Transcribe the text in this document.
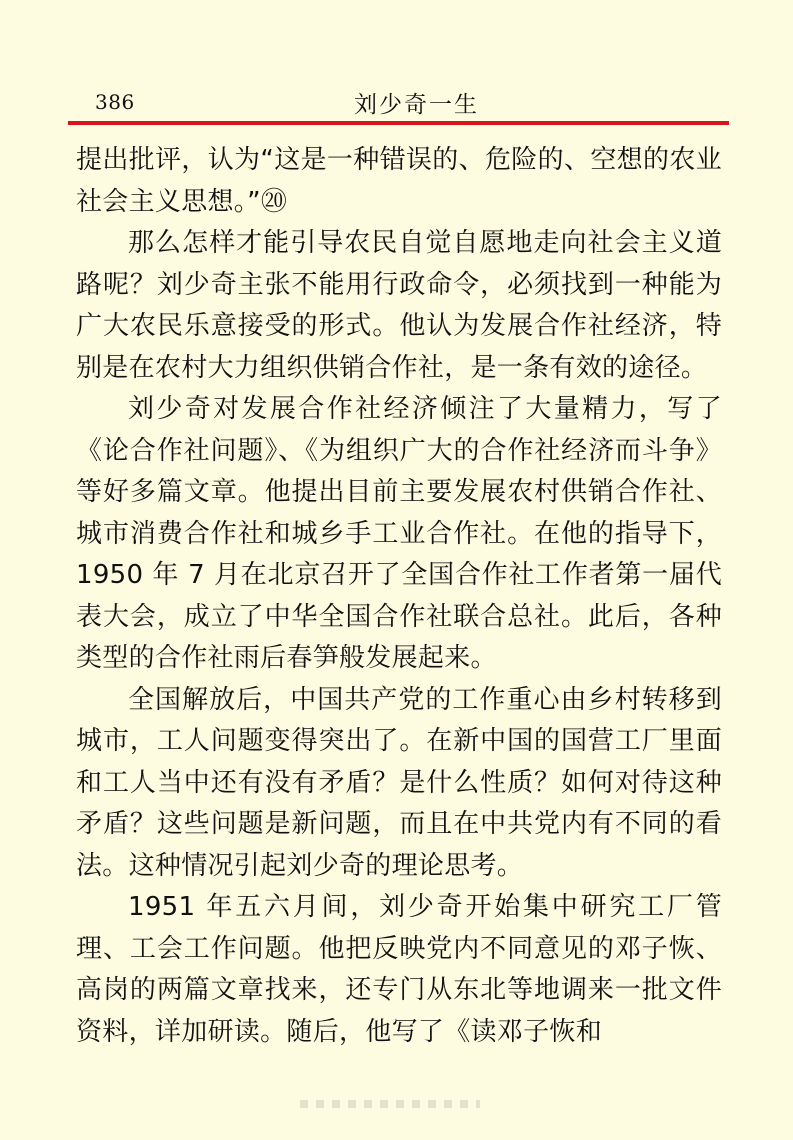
386	刘少奇一生

提出批评，认为“这是一种错误的、危险的、空想的农业社会主义思想。”⑳

那么怎样才能引导农民自觉自愿地走向社会主义道路呢？刘少奇主张不能用行政命令，必须找到一种能为广大农民乐意接受的形式。他认为发展合作社经济，特别是在农村大力组织供销合作社，是一条有效的途径。

刘少奇对发展合作社经济倾注了大量精力，写了《论合作社问题》、《为组织广大的合作社经济而斗争》等好多篇文章。他提出目前主要发展农村供销合作社、城市消费合作社和城乡手工业合作社。在他的指导下，1950 年 7 月在北京召开了全国合作社工作者第一届代表大会，成立了中华全国合作社联合总社。此后，各种类型的合作社雨后春笋般发展起来。

全国解放后，中国共产党的工作重心由乡村转移到城市，工人问题变得突出了。在新中国的国营工厂里面和工人当中还有没有矛盾？是什么性质？如何对待这种矛盾？这些问题是新问题，而且在中共党内有不同的看法。这种情况引起刘少奇的理论思考。

1951 年五六月间，刘少奇开始集中研究工厂管理、工会工作问题。他把反映党内不同意见的邓子恢、高岗的两篇文章找来，还专门从东北等地调来一批文件资料，详加研读。随后，他写了《读邓子恢和
